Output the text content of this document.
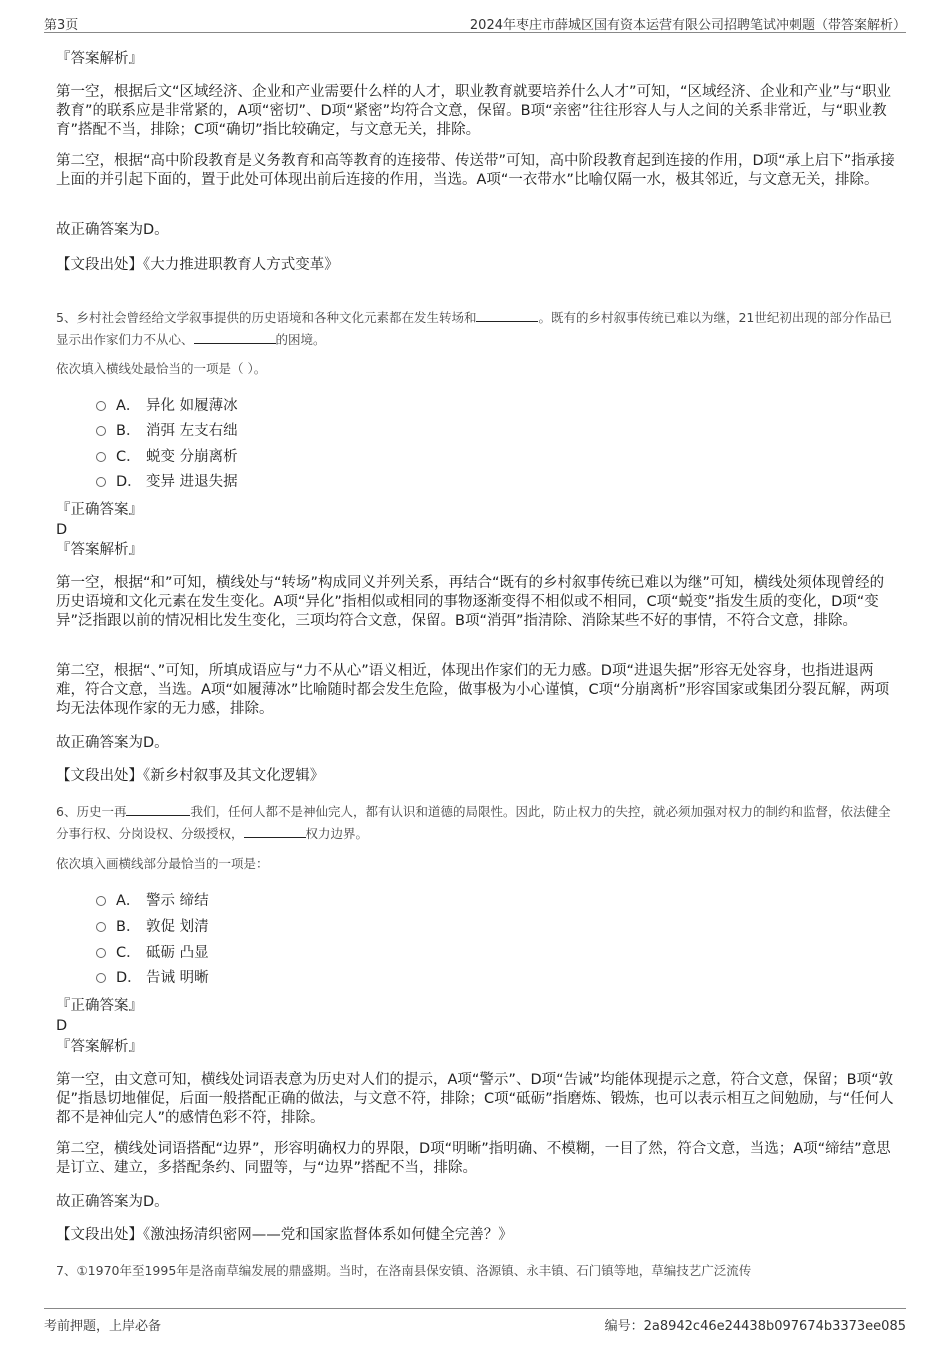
第3页	2024年枣庄市薛城区国有资本运营有限公司招聘笔试冲刺题（带答案解析）
『答案解析』
第一空，根据后文“区域经济、企业和产业需要什么样的人才，职业教育就要培养什么人才”可知，“区域经济、企业和产业”与“职业教育”的联系应是非常紧的，A项“密切”、D项“紧密”均符合文意，保留。B项“亲密”往往形容人与人之间的关系非常近，与“职业教育”搭配不当，排除；C项“确切”指比较确定，与文意无关，排除。
第二空，根据“高中阶段教育是义务教育和高等教育的连接带、传送带”可知，高中阶段教育起到连接的作用，D项“承上启下”指承接上面的并引起下面的，置于此处可体现出前后连接的作用，当选。A项“一衣带水”比喻仅隔一水，极其邻近，与文意无关，排除。
故正确答案为D。
【文段出处】《大力推进职教育人方式变革》
5、乡村社会曾经给文学叙事提供的历史语境和各种文化元素都在发生转场和	。既有的乡村叙事传统已难以为继，21世纪初出现的部分作品已显示出作家们力不从心、	的困境。
依次填入横线处最恰当的一项是（ ）。
A． 异化 如履薄冰
B． 消弭 左支右绌
C． 蜕变 分崩离析
D． 变异 进退失据
『正确答案』
D
『答案解析』
第一空，根据“和”可知，横线处与“转场”构成同义并列关系，再结合“既有的乡村叙事传统已难以为继”可知，横线处须体现曾经的历史语境和文化元素在发生变化。A项“异化”指相似或相同的事物逐渐变得不相似或不相同，C项“蜕变”指发生质的变化，D项“变异”泛指跟以前的情况相比发生变化，三项均符合文意，保留。B项“消弭”指清除、消除某些不好的事情，不符合文意，排除。
第二空，根据“、”可知，所填成语应与“力不从心”语义相近，体现出作家们的无力感。D项“进退失据”形容无处容身，也指进退两难，符合文意，当选。A项“如履薄冰”比喻随时都会发生危险，做事极为小心谨慎，C项“分崩离析”形容国家或集团分裂瓦解，两项均无法体现作家的无力感，排除。
故正确答案为D。
【文段出处】《新乡村叙事及其文化逻辑》
6、历史一再	我们，任何人都不是神仙完人，都有认识和道德的局限性。因此，防止权力的失控，就必须加强对权力的制约和监督，依法健全分事行权、分岗设权、分级授权，	权力边界。
依次填入画横线部分最恰当的一项是：
A． 警示 缔结
B． 敦促 划清
C． 砥砺 凸显
D． 告诫 明晰
『正确答案』
D
『答案解析』
第一空，由文意可知，横线处词语表意为历史对人们的提示，A项“警示”、D项“告诫”均能体现提示之意，符合文意，保留；B项“敦促”指恳切地催促，后面一般搭配正确的做法，与文意不符，排除；C项“砥砺”指磨炼、锻炼，也可以表示相互之间勉励，与“任何人都不是神仙完人”的感情色彩不符，排除。
第二空，横线处词语搭配“边界”，形容明确权力的界限，D项“明晰”指明确、不模糊，一目了然，符合文意，当选；A项“缔结”意思是订立、建立，多搭配条约、同盟等，与“边界”搭配不当，排除。
故正确答案为D。
【文段出处】《激浊扬清织密网——党和国家监督体系如何健全完善？》
7、①1970年至1995年是洛南草编发展的鼎盛期。当时，在洛南县保安镇、洛源镇、永丰镇、石门镇等地，草编技艺广泛流传
考前押题，上岸必备	编号：2a8942c46e24438b097674b3373ee085
